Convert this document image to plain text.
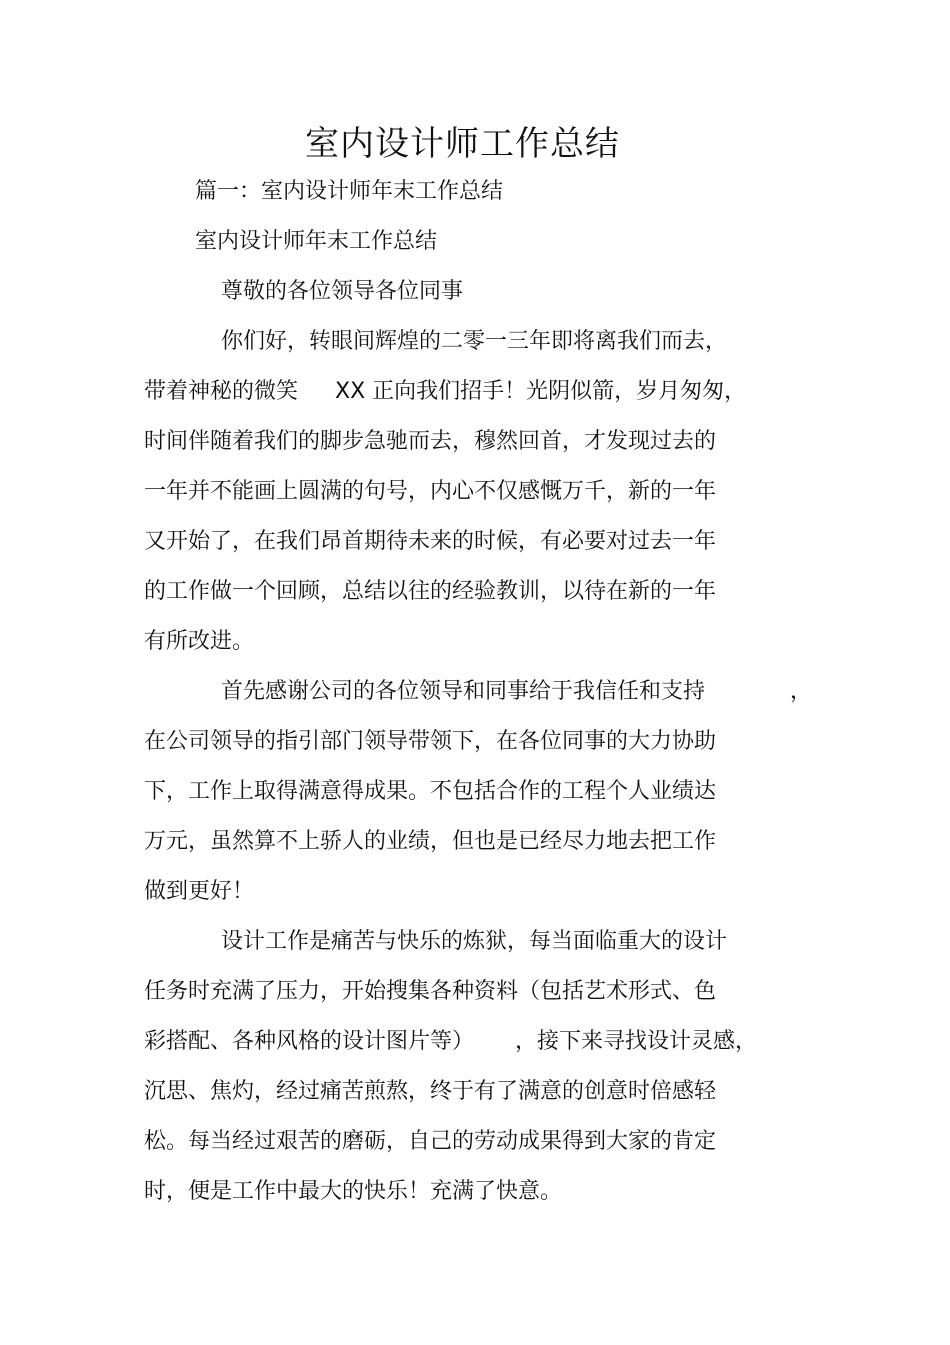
室内设计师工作总结
篇一：室内设计师年末工作总结
室内设计师年末工作总结
尊敬的各位领导各位同事
你们好，转眼间辉煌的二零一三年即将离我们而去，
带着神秘的微笑 XX 正向我们招手！光阴似箭，岁月匆匆，
时间伴随着我们的脚步急驰而去，穆然回首，才发现过去的
一年并不能画上圆满的句号，内心不仅感慨万千，新的一年
又开始了，在我们昂首期待未来的时候，有必要对过去一年
的工作做一个回顾，总结以往的经验教训，以待在新的一年
有所改进。
首先感谢公司的各位领导和同事给于我信任和支持	，
在公司领导的指引部门领导带领下，在各位同事的大力协助
下，工作上取得满意得成果。不包括合作的工程个人业绩达
万元，虽然算不上骄人的业绩，但也是已经尽力地去把工作
做到更好！
设计工作是痛苦与快乐的炼狱，每当面临重大的设计
任务时充满了压力，开始搜集各种资料（包括艺术形式、色
彩搭配、各种风格的设计图片等） ，接下来寻找设计灵感，
沉思、焦灼，经过痛苦煎熬，终于有了满意的创意时倍感轻
松。每当经过艰苦的磨砺，自己的劳动成果得到大家的肯定
时，便是工作中最大的快乐！充满了快意。
